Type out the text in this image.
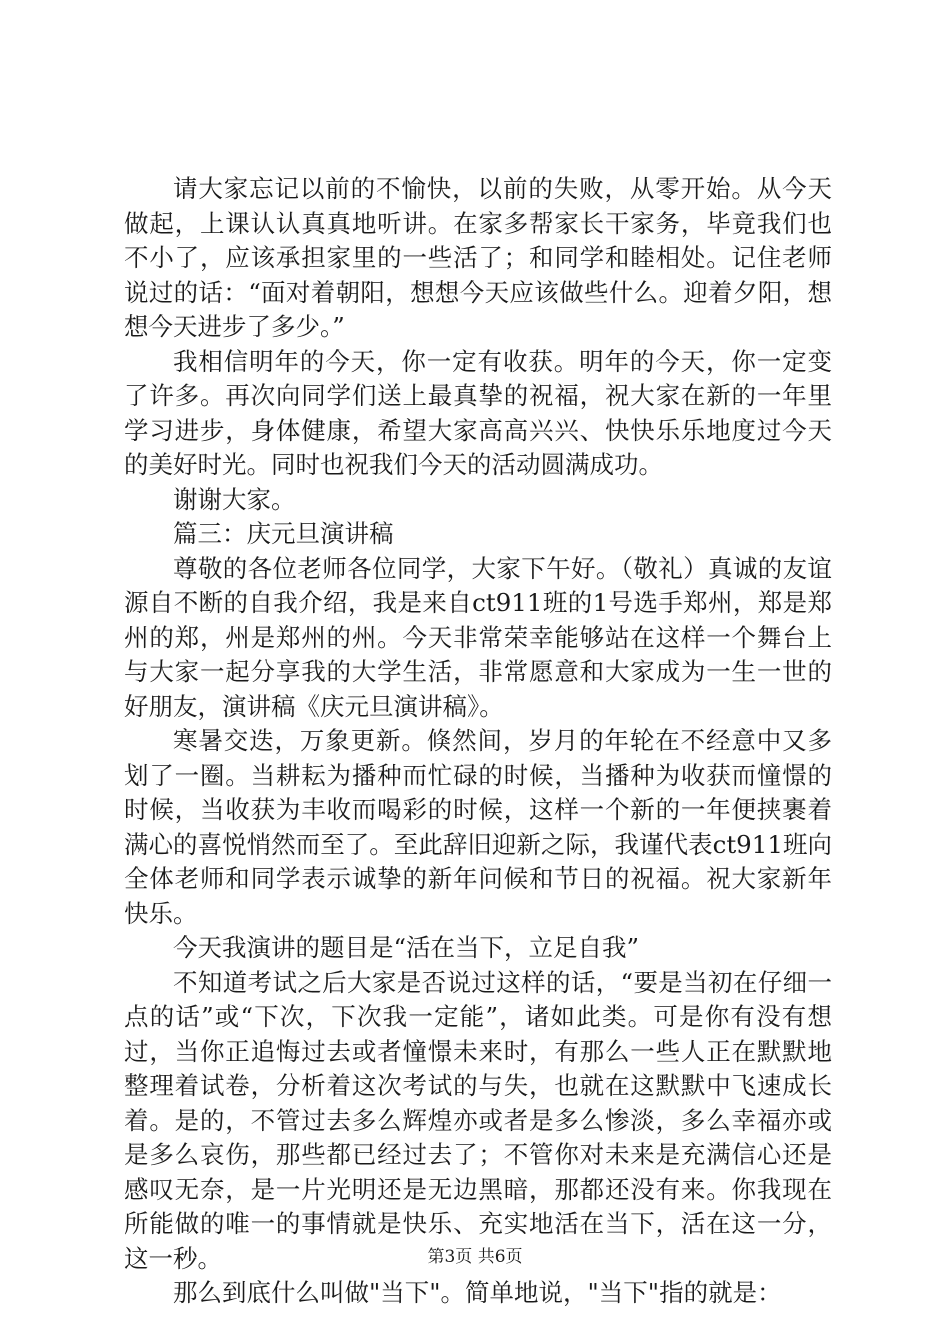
请大家忘记以前的不愉快，以前的失败，从零开始。从今天做起，上课认认真真地听讲。在家多帮家长干家务，毕竟我们也不小了，应该承担家里的一些活了；和同学和睦相处。记住老师说过的话：“面对着朝阳，想想今天应该做些什么。迎着夕阳，想想今天进步了多少。”

我相信明年的今天，你一定有收获。明年的今天，你一定变了许多。再次向同学们送上最真挚的祝福，祝大家在新的一年里学习进步，身体健康，希望大家高高兴兴、快快乐乐地度过今天的美好时光。同时也祝我们今天的活动圆满成功。

谢谢大家。

篇三：庆元旦演讲稿

尊敬的各位老师各位同学，大家下午好。（敬礼）真诚的友谊源自不断的自我介绍，我是来自ct911班的1号选手郑州，郑是郑州的郑，州是郑州的州。今天非常荣幸能够站在这样一个舞台上与大家一起分享我的大学生活，非常愿意和大家成为一生一世的好朋友，演讲稿《庆元旦演讲稿》。

寒暑交迭，万象更新。倏然间，岁月的年轮在不经意中又多划了一圈。当耕耘为播种而忙碌的时候，当播种为收获而憧憬的时候，当收获为丰收而喝彩的时候，这样一个新的一年便挟裹着满心的喜悦悄然而至了。至此辞旧迎新之际，我谨代表ct911班向全体老师和同学表示诚挚的新年问候和节日的祝福。祝大家新年快乐。

今天我演讲的题目是“活在当下，立足自我”

不知道考试之后大家是否说过这样的话，“要是当初在仔细一点的话”或“下次，下次我一定能”，诸如此类。可是你有没有想过，当你正追悔过去或者憧憬未来时，有那么一些人正在默默地整理着试卷，分析着这次考试的与失，也就在这默默中飞速成长着。是的，不管过去多么辉煌亦或者是多么惨淡，多么幸福亦或是多么哀伤，那些都已经过去了；不管你对未来是充满信心还是感叹无奈，是一片光明还是无边黑暗，那都还没有来。你我现在所能做的唯一的事情就是快乐、充实地活在当下，活在这一分，这一秒。

那么到底什么叫做"当下"。简单地说，"当下"指的就是：

第3页 共6页
